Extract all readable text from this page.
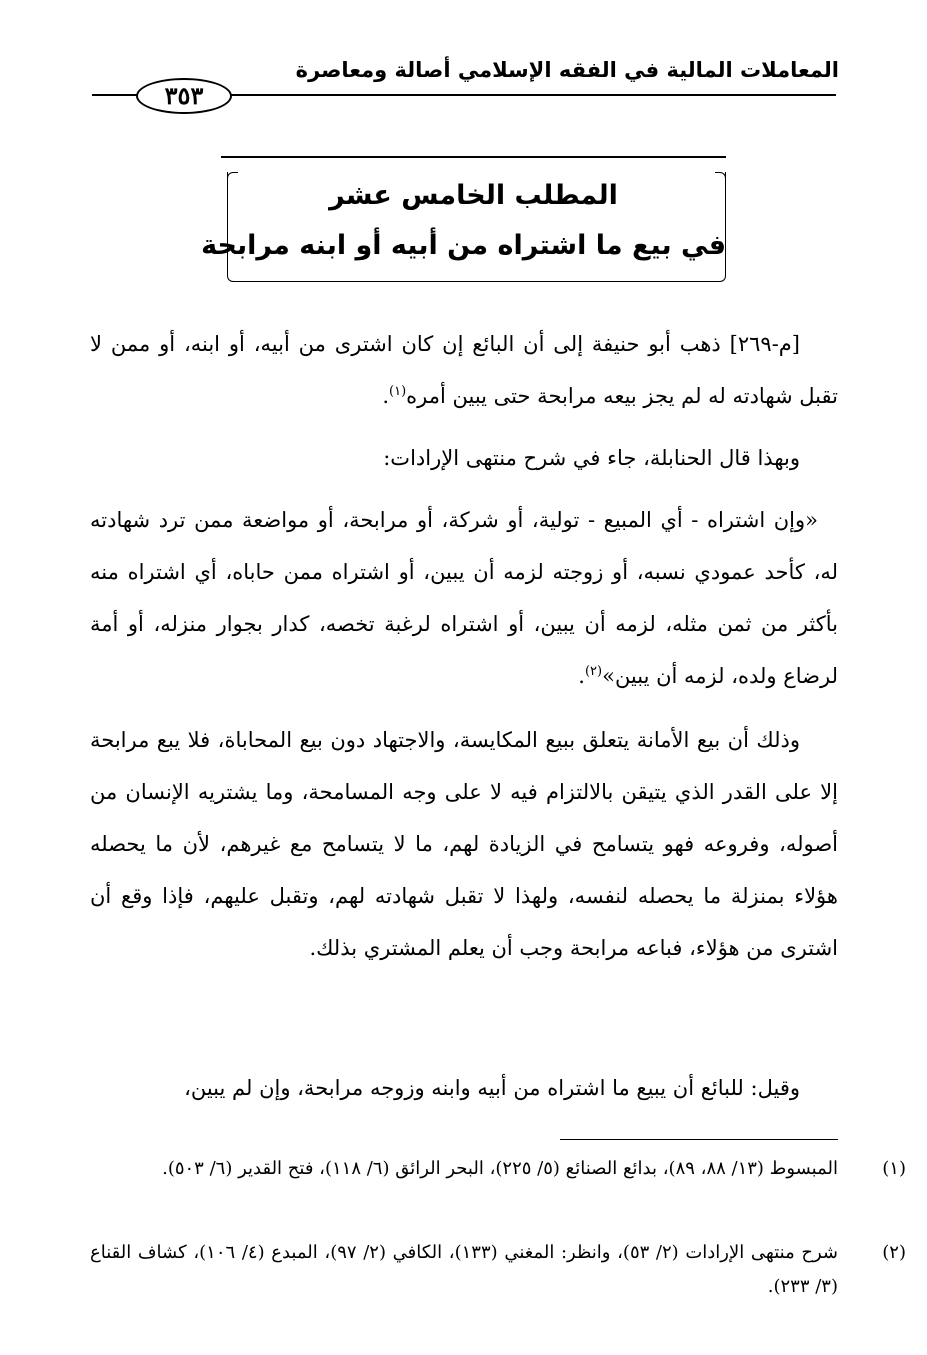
المعاملات المالية في الفقه الإسلامي أصالة ومعاصرة
٣٥٣
المطلب الخامس عشر
في بيع ما اشتراه من أبيه أو ابنه مرابحة
[م-٢٦٩] ذهب أبو حنيفة إلى أن البائع إن كان اشترى من أبيه، أو ابنه، أو ممن لا تقبل شهادته له لم يجز بيعه مرابحة حتى يبين أمره$^{(١)}$.
وبهذا قال الحنابلة، جاء في شرح منتهى الإرادات:
«وإن اشتراه - أي المبيع - تولية، أو شركة، أو مرابحة، أو مواضعة ممن ترد شهادته له، كأحد عمودي نسبه، أو زوجته لزمه أن يبين، أو اشتراه ممن حاباه، أي اشتراه منه بأكثر من ثمن مثله، لزمه أن يبين، أو اشتراه لرغبة تخصه، كدار بجوار منزله، أو أمة لرضاع ولده، لزمه أن يبين»$^{(٢)}$.
وذلك أن بيع الأمانة يتعلق ببيع المكايسة، والاجتهاد دون بيع المحاباة، فلا يبع مرابحة إلا على القدر الذي يتيقن بالالتزام فيه لا على وجه المسامحة، وما يشتريه الإنسان من أصوله، وفروعه فهو يتسامح في الزيادة لهم، ما لا يتسامح مع غيرهم، لأن ما يحصله هؤلاء بمنزلة ما يحصله لنفسه، ولهذا لا تقبل شهادته لهم، وتقبل عليهم، فإذا وقع أن اشترى من هؤلاء، فباعه مرابحة وجب أن يعلم المشتري بذلك.
وقيل: للبائع أن يبيع ما اشتراه من أبيه وابنه وزوجه مرابحة، وإن لم يبين،
(١)المبسوط (١٣/ ٨٨، ٨٩)، بدائع الصنائع (٥/ ٢٢٥)، البحر الرائق (٦/ ١١٨)، فتح القدير (٦/ ٥٠٣).
(٢)شرح منتهى الإرادات (٢/ ٥٣)، وانظر: المغني (١٣٣)، الكافي (٢/ ٩٧)، المبدع (٤/ ١٠٦)، كشاف القناع (٣/ ٢٣٣).
